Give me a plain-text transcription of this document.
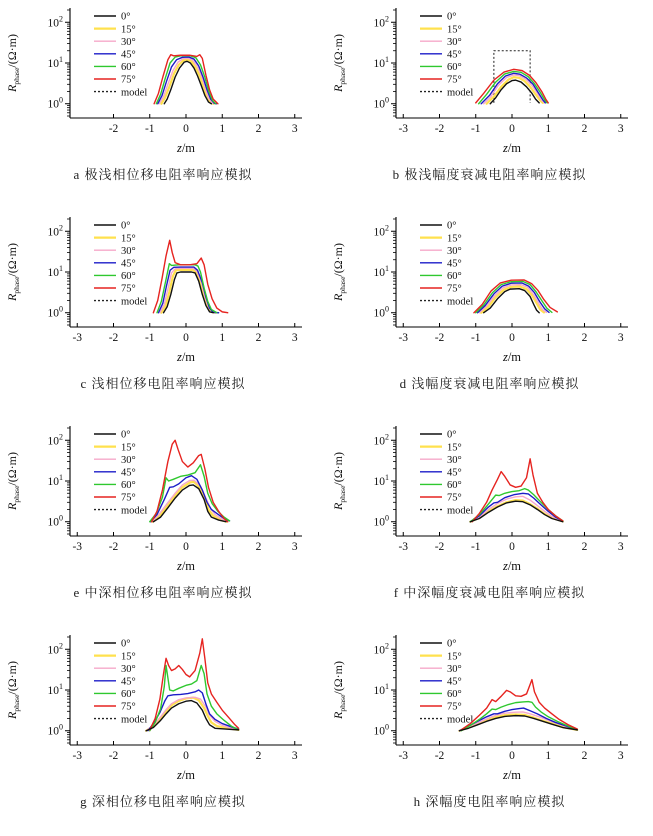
-2 -1 0	1	2	3
$10^0$
$10^1$
$10^2$
z/m
$R_{phase}/(\Omega\cdot m)$
0°
15°
30°
45°
60°
75°
model
a 极浅相位移电阻率响应模拟
-3 -2 -1 0	1	2	3
$10^0$
$10^1$
$10^2$
z/m
$R_{phase}/(\Omega\cdot m)$
0°
15°
30°
45°
60°
75°
model
b 极浅幅度衰减电阻率响应模拟
-3 -2 -1 0	1	2	3
$10^0$
$10^1$
$10^2$
z/m
$R_{phase}/(\Omega\cdot m)$
0°
15°
30°
45°
60°
75°
model
c 浅相位移电阻率响应模拟
-3 -2 -1 0	1	2	3
$10^0$
$10^1$
$10^2$
z/m
$R_{phase}/(\Omega\cdot m)$
0°
15°
30°
45°
60°
75°
model
d 浅幅度衰减电阻率响应模拟
-3 -2 -1 0	1	2	3
$10^0$
$10^1$
$10^2$
z/m
$R_{phase}/(\Omega\cdot m)$
0°
15°
30°
45°
60°
75°
model
e 中深相位移电阻率响应模拟
-3 -2 -1 0	1	2	3
$10^0$
$10^1$
$10^2$
z/m
$R_{phase}/(\Omega\cdot m)$
0°
15°
30°
45°
60°
75°
model
f 中深幅度衰减电阻率响应模拟
-3 -2 -1 0	1	2	3
$10^0$
$10^1$
$10^2$
z/m
$R_{phase}/(\Omega\cdot m)$
0°
15°
30°
45°
60°
75°
model
g 深相位移电阻率响应模拟
-3 -2 -1 0	1	2	3
$10^0$
$10^1$
$10^2$
z/m
$R_{phase}/(\Omega\cdot m)$
0°
15°
30°
45°
60°
75°
model
h 深幅度电阻率响应模拟
